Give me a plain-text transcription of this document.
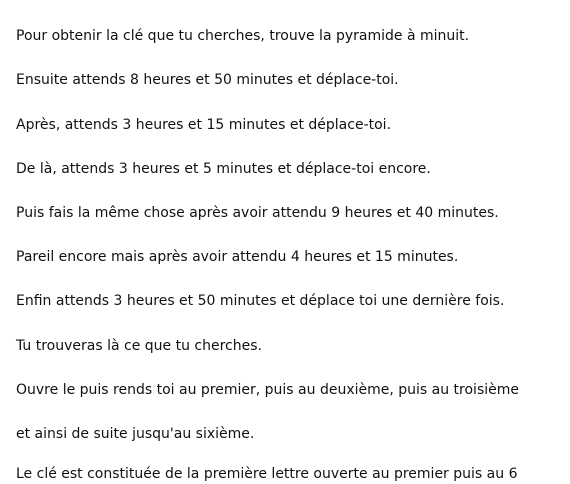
Pour obtenir la clé que tu cherches, trouve la pyramide à minuit.

Ensuite attends 8 heures et 50 minutes et déplace-toi.

Après, attends 3 heures et 15 minutes et déplace-toi.

De là, attends 3 heures et 5 minutes et déplace-toi encore.

Puis fais la même chose après avoir attendu 9 heures et 40 minutes.

Pareil encore mais après avoir attendu 4 heures et 15 minutes.

Enfin attends 3 heures et 50 minutes et déplace toi une dernière fois.

Tu trouveras là ce que tu cherches.

Ouvre le puis rends toi au premier, puis au deuxième, puis au troisième

et ainsi de suite jusqu'au sixième.

Le clé est constituée de la première lettre ouverte au premier puis au 6
